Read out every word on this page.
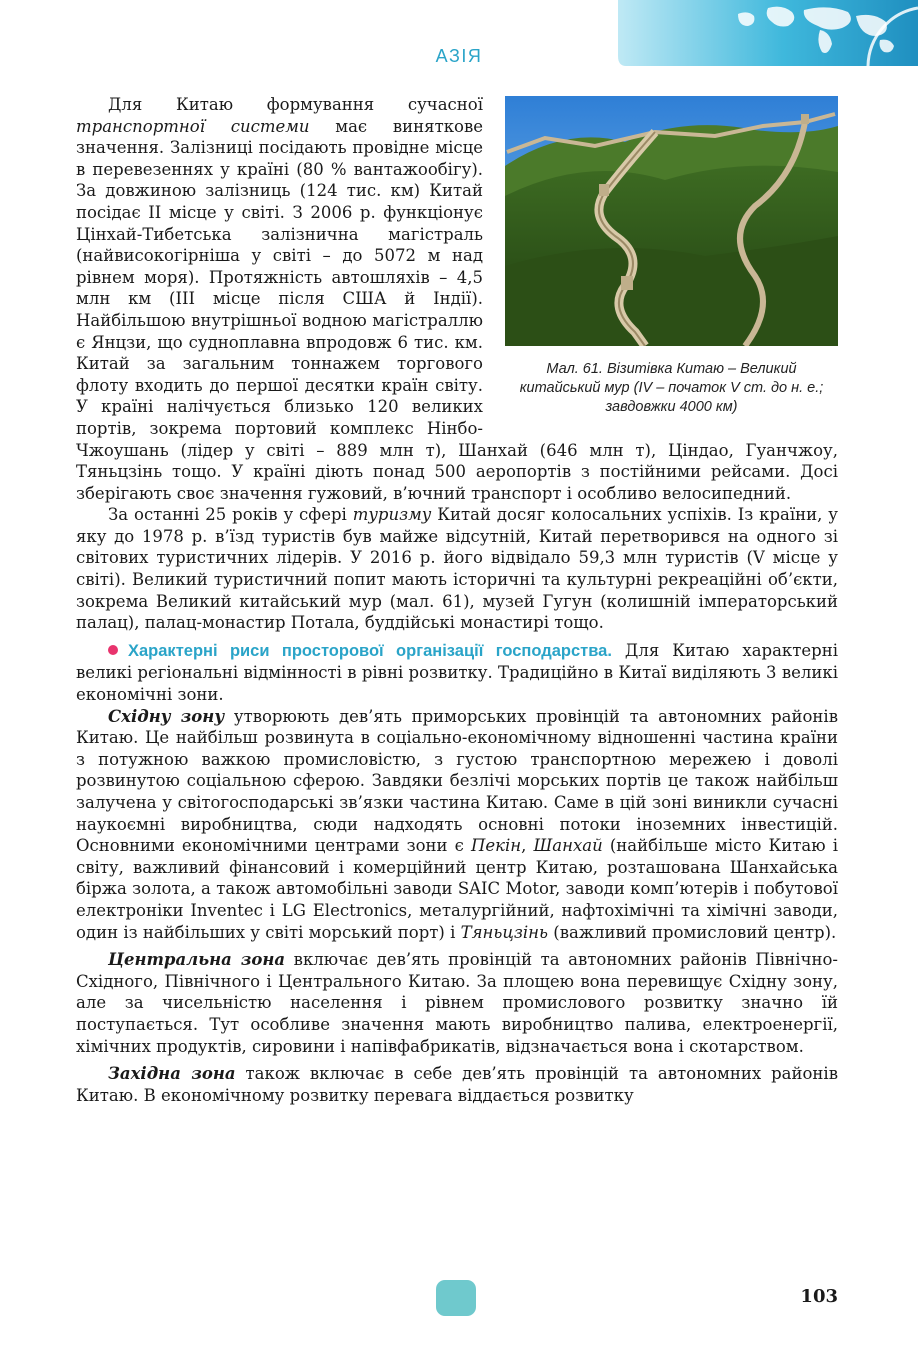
АЗІЯ
Мал. 61. Візитівка Китаю – Великий китайський мур (IV – початок V ст. до н. е.; завдовжки 4000 км)

Для Китаю формування сучасної транспортної системи має виняткове значення. Залізниці посідають провідне місце в перевезеннях у країні (80 % вантажообігу). За довжиною залізниць (124 тис. км) Китай посідає ІІ місце у світі. З 2006 р. функціонує Цінхай-Тибетська залізнична магістраль (найвисокогірніша у світі – до 5072 м над рівнем моря). Протяжність автошляхів – 4,5 млн км (ІІІ місце після США й Індії). Найбільшою внутрішньої водною магістраллю є Янцзи, що судноплавна впродовж 6 тис. км. Китай за загальним тоннажем торгового флоту входить до першої десятки країн світу. У країні налічується близько 120 великих портів, зокрема портовий комплекс Нінбо-Чжоушань (лідер у світі – 889 млн т), Шанхай (646 млн т), Ціндао, Гуанчжоу, Тяньцзінь тощо. У країні діють понад 500 аеропортів з постійними рейсами. Досі зберігають своє значення гужовий, в’ючний транспорт і особливо велосипедний.

За останні 25 років у сфері туризму Китай досяг колосальних успіхів. Із країни, у яку до 1978 р. в’їзд туристів був майже відсутній, Китай перетворився на одного зі світових туристичних лідерів. У 2016 р. його відвідало 59,3 млн туристів (V місце у світі). Великий туристичний попит мають історичні та культурні рекреаційні об’єкти, зокрема Великий китайський мур (мал. 61), музей Гугун (колишній імператорський палац), палац-монастир Потала, буддійські монастирі тощо.

Характерні риси просторової організації господарства. Для Китаю характерні великі регіональні відмінності в рівні розвитку. Традиційно в Китаї виділяють 3 великі економічні зони.

Східну зону утворюють дев’ять приморських провінцій та автономних районів Китаю. Це найбільш розвинута в соціально-економічному відношенні частина країни з потужною важкою промисловістю, з густою транспортною мережею і доволі розвинутою соціальною сферою. Завдяки безлічі морських портів це також найбільш залучена у світогосподарські зв’язки частина Китаю. Саме в цій зоні виникли сучасні наукоємні виробництва, сюди надходять основні потоки іноземних інвестицій. Основними економічними центрами зони є Пекін, Шанхай (найбільше місто Китаю і світу, важливий фінансовий і комерційний центр Китаю, розташована Шанхайська біржа золота, а також автомобільні заводи SAIC Motor, заводи комп’ютерів і побутової електроніки Inventec і LG Electronics, металургійний, нафтохімічні та хімічні заводи, один із найбільших у світі морський порт) і Тяньцзінь (важливий промисловий центр).

Центральна зона включає дев’ять провінцій та автономних районів Північно-Східного, Північного і Центрального Китаю. За площею вона перевищує Східну зону, але за чисельністю населення і рівнем промислового розвитку значно їй поступається. Тут особливе значення мають виробництво палива, електроенергії, хімічних продуктів, сировини і напівфабрикатів, відзначається вона і скотарством.

Західна зона також включає в себе дев’ять провінцій та автономних районів Китаю. В економічному розвитку перевага віддається розвитку

103
